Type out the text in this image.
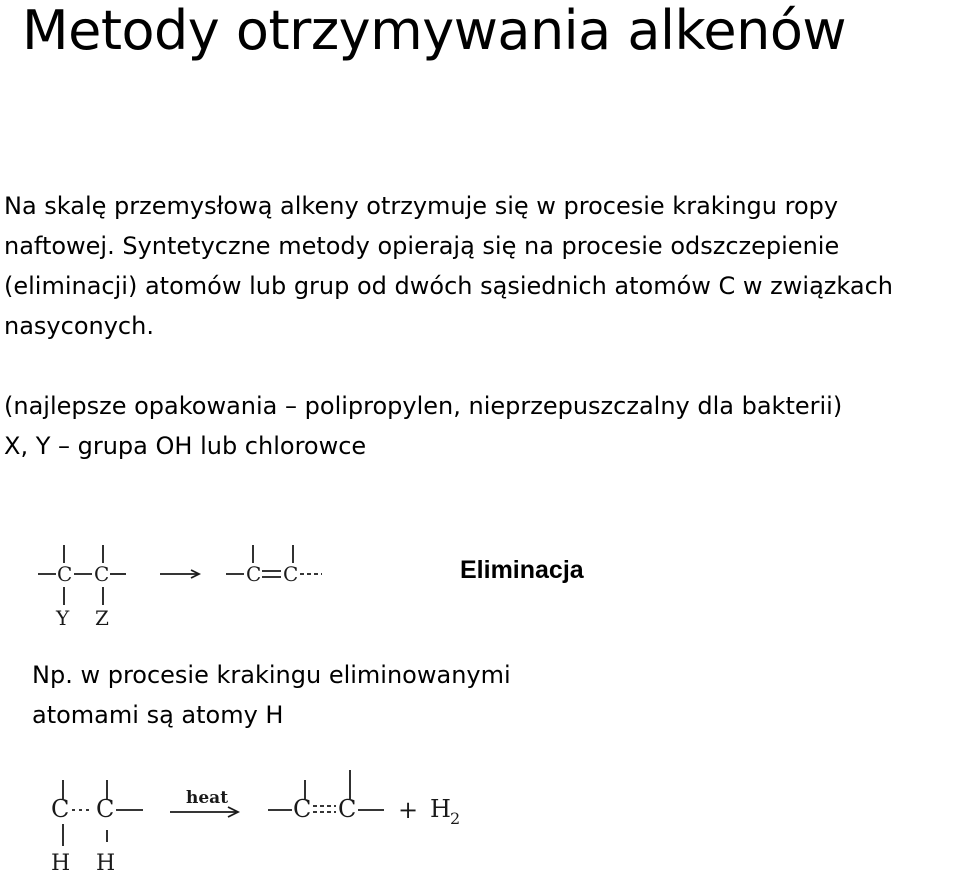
Metody otrzymywania alkenów

Na skalę przemysłową alkeny otrzymuje się w procesie krakingu ropy naftowej. Syntetyczne metody opierają się na procesie odszczepienie (eliminacji) atomów lub grup od dwóch sąsiednich atomów C w związkach nasyconych.

(najlepsze opakowania – polipropylen, nieprzepuszczalny dla bakterii)
X, Y – grupa OH lub chlorowce
Eliminacja
Np. w procesie krakingu eliminowanymi atomami są atomy H
C C
Y Z
C C
C C
H H
heat	C C + H 2
